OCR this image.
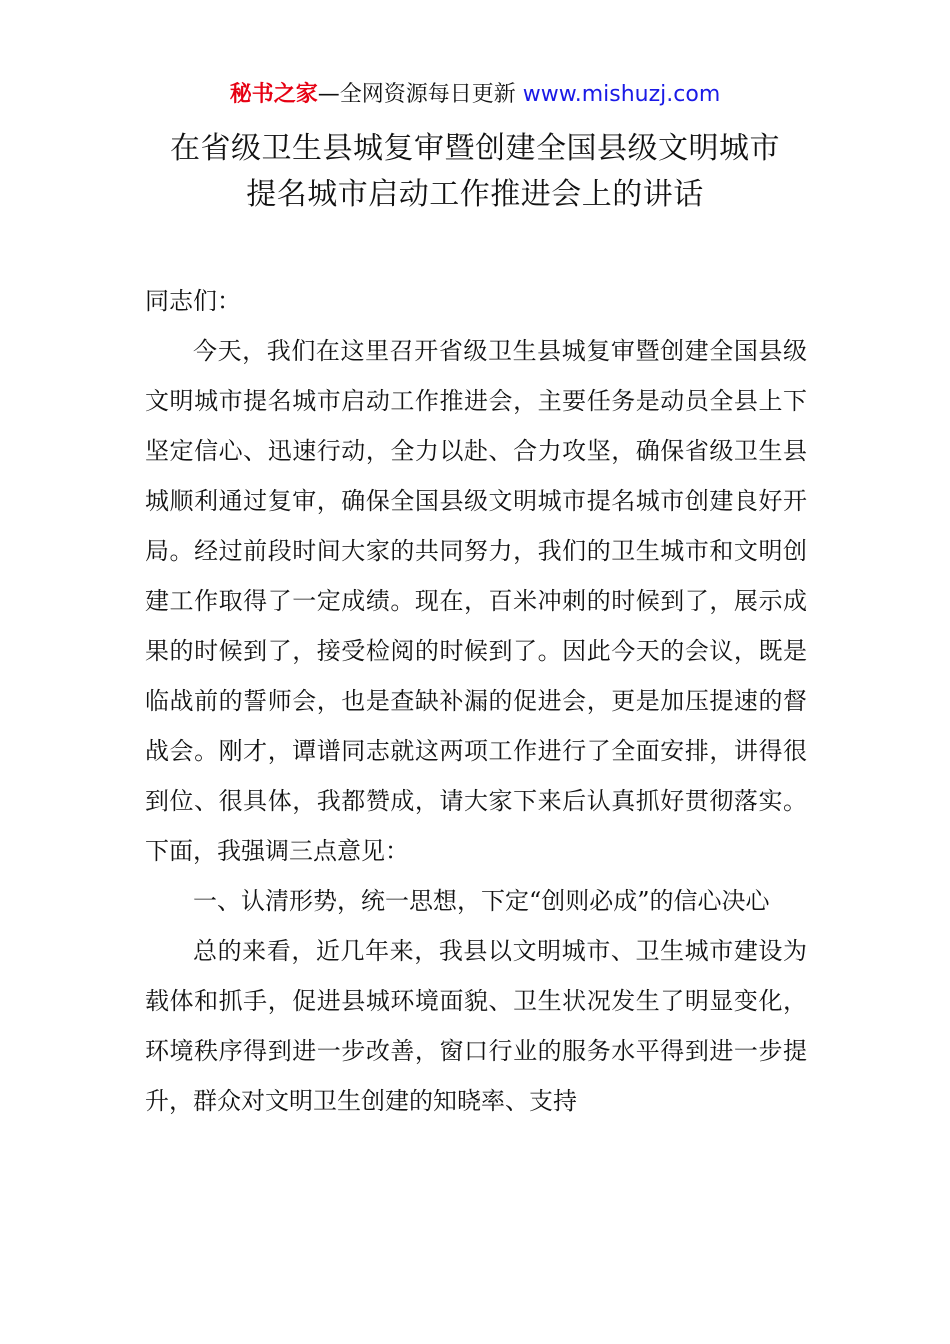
秘书之家—全网资源每日更新 www.mishuzj.com
在省级卫生县城复审暨创建全国县级文明城市
提名城市启动工作推进会上的讲话

同志们：

今天，我们在这里召开省级卫生县城复审暨创建全国县级文明城市提名城市启动工作推进会，主要任务是动员全县上下坚定信心、迅速行动，全力以赴、合力攻坚，确保省级卫生县城顺利通过复审，确保全国县级文明城市提名城市创建良好开局。经过前段时间大家的共同努力，我们的卫生城市和文明创建工作取得了一定成绩。现在，百米冲刺的时候到了，展示成果的时候到了，接受检阅的时候到了。因此今天的会议，既是临战前的誓师会，也是查缺补漏的促进会，更是加压提速的督战会。刚才，谭谱同志就这两项工作进行了全面安排，讲得很到位、很具体，我都赞成，请大家下来后认真抓好贯彻落实。下面，我强调三点意见：

一、认清形势，统一思想，下定“创则必成”的信心决心

总的来看，近几年来，我县以文明城市、卫生城市建设为载体和抓手，促进县城环境面貌、卫生状况发生了明显变化，环境秩序得到进一步改善，窗口行业的服务水平得到进一步提升，群众对文明卫生创建的知晓率、支持
